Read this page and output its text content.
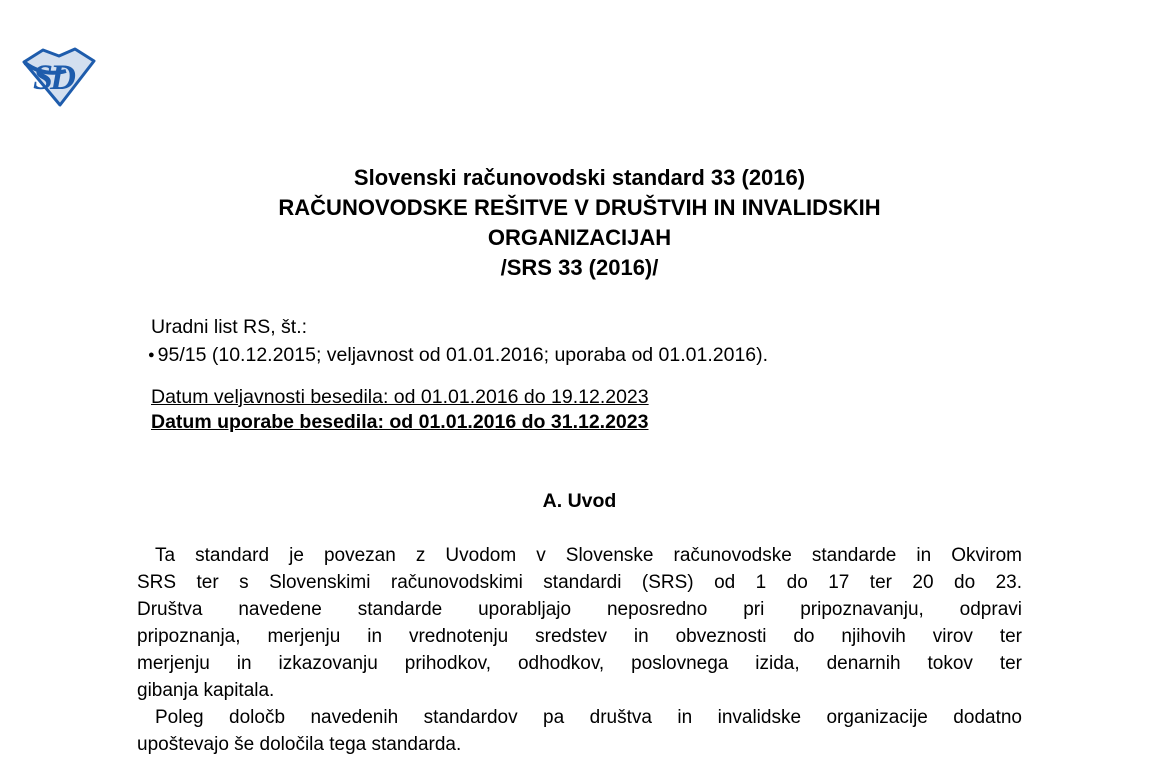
SD
Slovenski računovodski standard 33 (2016)
RAČUNOVODSKE REŠITVE V DRUŠTVIH IN INVALIDSKIH
ORGANIZACIJAH
/SRS 33 (2016)/
Uradni list RS, št.:
● 95/15 (10.12.2015; veljavnost od 01.01.2016; uporaba od 01.01.2016).
Datum veljavnosti besedila: od 01.01.2016 do 19.12.2023
Datum uporabe besedila: od 01.01.2016 do 31.12.2023
A. Uvod
Ta standard je povezan z Uvodom v Slovenske računovodske standarde in Okvirom
SRS ter s Slovenskimi računovodskimi standardi (SRS) od 1 do 17 ter 20 do 23.
Društva navedene standarde uporabljajo neposredno pri pripoznavanju, odpravi
pripoznanja, merjenju in vrednotenju sredstev in obveznosti do njihovih virov ter
merjenju in izkazovanju prihodkov, odhodkov, poslovnega izida, denarnih tokov ter
gibanja kapitala.
Poleg določb navedenih standardov pa društva in invalidske organizacije dodatno
upoštevajo še določila tega standarda.
